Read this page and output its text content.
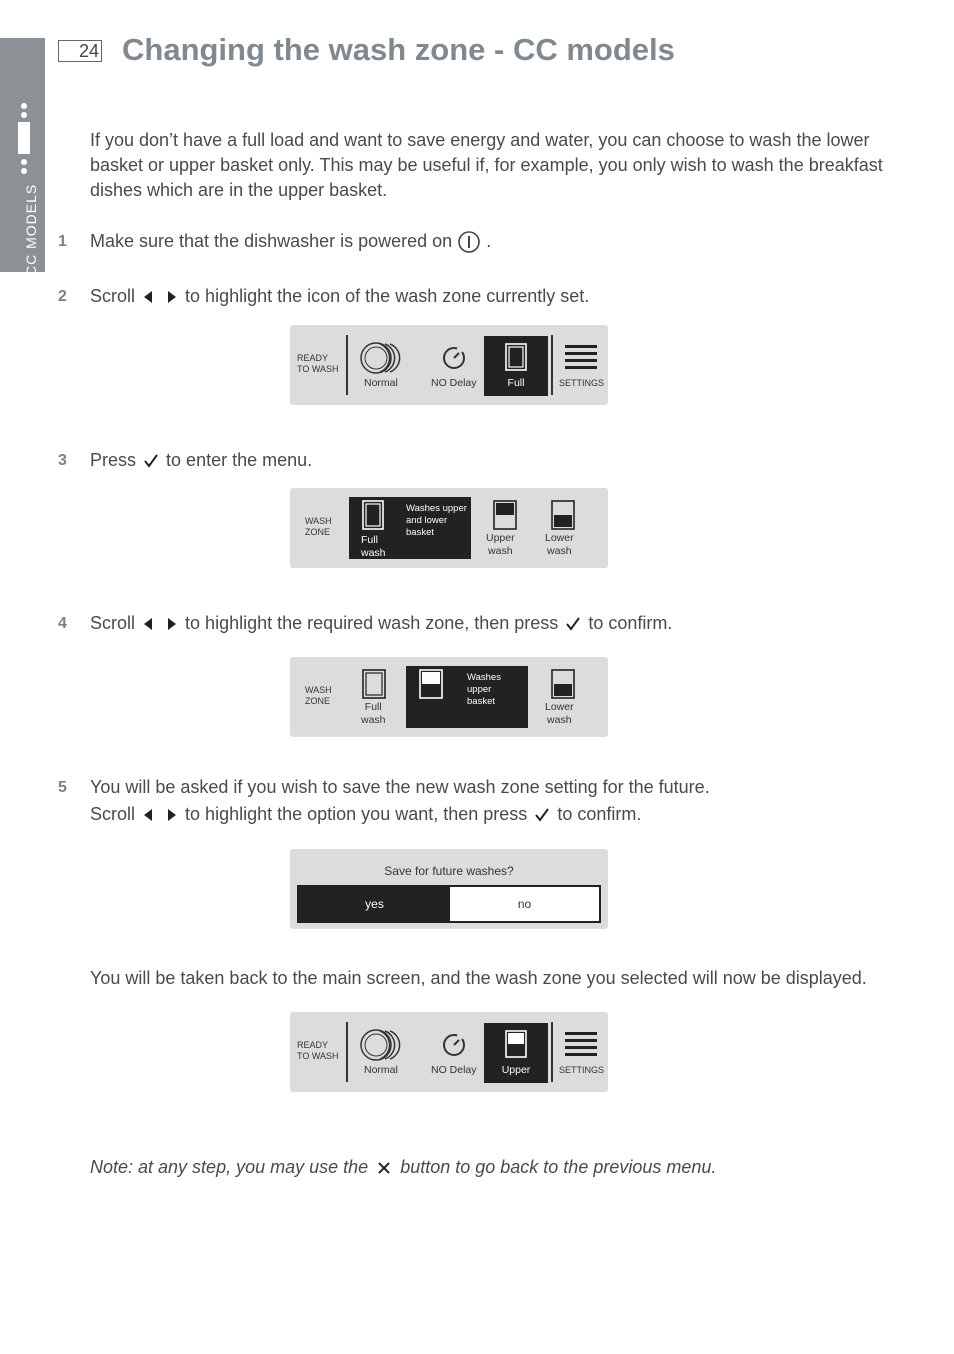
CC MODELS
24 Changing the wash zone - CC models

If you don’t have a full load and want to save energy and water, you can choose to wash the lower basket or upper basket only. This may be useful if, for example, you only wish to wash the breakfast dishes which are in the upper basket.

1 Make sure that the dishwasher is powered on .
2 Scroll	to highlight the icon of the wash zone currently set.
READY
TO WASH
Normal	NO Delay	Full	SETTINGS
3 Press to enter the menu.
WASH
ZONE
Full
wash
Washes upper
and lower
basket	Upper
wash
Lower
wash
4 Scroll	to highlight the required wash zone, then press to confirm.
WASH
ZONE	Full
wash
Washes
upper
basket	Lower
wash
5 You will be asked if you wish to save the new wash zone setting for the future.
Scroll	to highlight the option you want, then press to confirm.
Save for future washes?
yes	no

You will be taken back to the main screen, and the wash zone you selected will now be displayed.

READY
TO WASH
Normal	NO Delay	Upper	SETTINGS
Note: at any step, you may use the button to go back to the previous menu.
